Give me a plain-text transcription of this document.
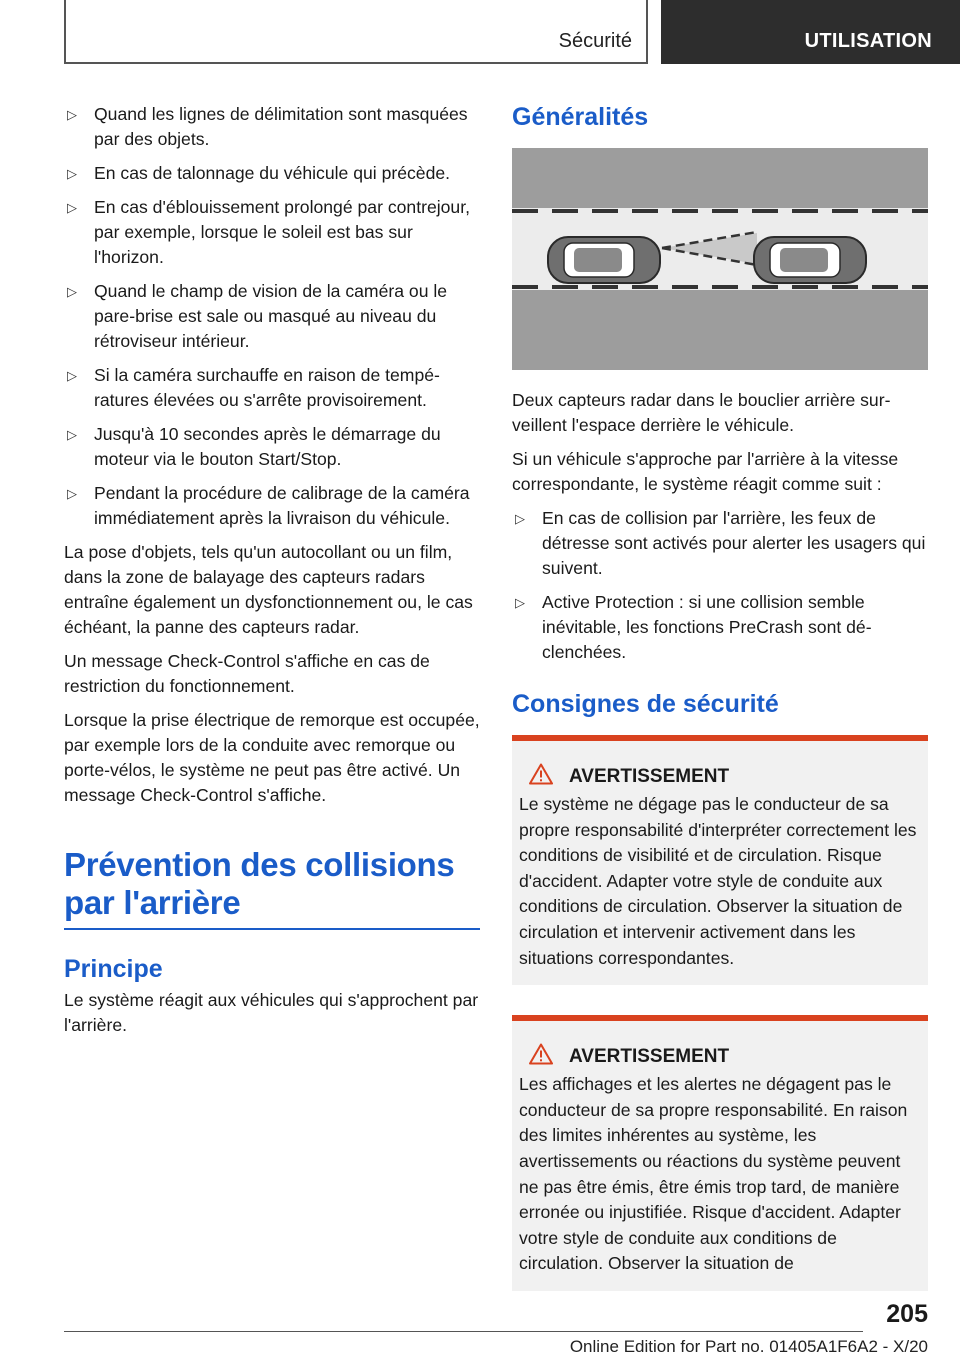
Sécurité	UTILISATION
▷ Quand les lignes de délimitation sont masquées par des objets.
▷ En cas de talonnage du véhicule qui précède.
▷ En cas d'éblouissement prolongé par contrejour, par exemple, lorsque le soleil est bas sur l'horizon.
▷ Quand le champ de vision de la caméra ou le pare-brise est sale ou masqué au niveau du rétroviseur intérieur.
▷ Si la caméra surchauffe en raison de températures élevées ou s'arrête provisoirement.
▷ Jusqu'à 10 secondes après le démarrage du moteur via le bouton Start/Stop.
▷ Pendant la procédure de calibrage de la caméra immédiatement après la livraison du véhicule.

La pose d'objets, tels qu'un autocollant ou un film, dans la zone de balayage des capteurs radars entraîne également un dysfonctionnement ou, le cas échéant, la panne des capteurs radar.

Un message Check-Control s'affiche en cas de restriction du fonctionnement.

Lorsque la prise électrique de remorque est occupée, par exemple lors de la conduite avec remorque ou porte-vélos, le système ne peut pas être activé. Un message Check-Control s'affiche.

Prévention des collisions par l'arrière
Principe

Le système réagit aux véhicules qui s'approchent par l'arrière.

Généralités

Deux capteurs radar dans le bouclier arrière surveillent l'espace derrière le véhicule.

Si un véhicule s'approche par l'arrière à la vitesse correspondante, le système réagit comme suit :

▷ En cas de collision par l'arrière, les feux de détresse sont activés pour alerter les usagers qui suivent.
▷ Active Protection : si une collision semble inévitable, les fonctions PreCrash sont déclenchées.
Consignes de sécurité
AVERTISSEMENT
Le système ne dégage pas le conducteur de sa propre responsabilité d'interpréter correctement les conditions de visibilité et de circulation. Risque d'accident. Adapter votre style de conduite aux conditions de circulation. Observer la situation de circulation et intervenir activement dans les situations correspondantes.
AVERTISSEMENT
Les affichages et les alertes ne dégagent pas le conducteur de sa propre responsabilité. En raison des limites inhérentes au système, les avertissements ou réactions du système peuvent ne pas être émis, être émis trop tard, de manière erronée ou injustifiée. Risque d'accident. Adapter votre style de conduite aux conditions de circulation. Observer la situation de
205
Online Edition for Part no. 01405A1F6A2 - X/20
